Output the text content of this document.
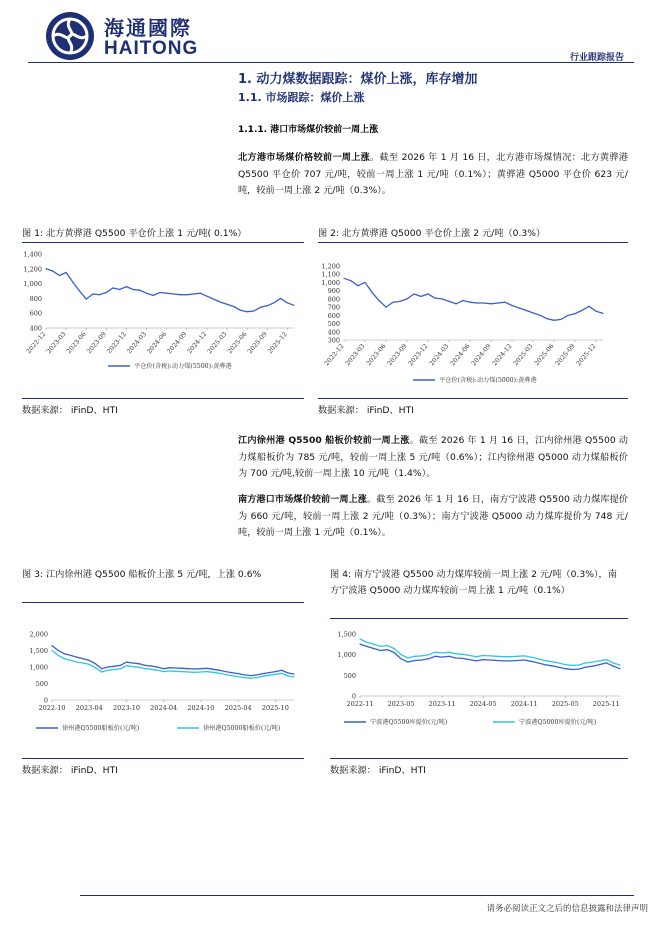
海通國際
HAITONG	行业跟踪报告
1. 动力煤数据跟踪：煤价上涨，库存增加
1.1. 市场跟踪：煤价上涨
1.1.1. 港口市场煤价较前一周上涨
北方港市场煤价格较前一周上涨。截至 2026 年 1 月 16 日，北方港市场煤情况：北方黄骅港 Q5500 平仓价 707 元/吨，较前一周上涨 1 元/吨（0.1%）；黄骅港 Q5000 平仓价 623 元/吨，较前一周上涨 2 元/吨（0.3%）。
图 1: 北方黄骅港 Q5500 平仓价上涨 1 元/吨( 0.1%）
400
600
800
1,000
1,200
1,400
2022-12
2023-03
2023-06
2023-09
2023-12
2024-03
2024-06
2024-09
2024-12
2025-03
2025-06
2025-09
2025-12
平仓价(含税):动力煤(5500):黄骅港
数据来源： iFinD、HTI
图 2: 北方黄骅港 Q5000 平仓价上涨 2 元/吨（0.3%）
300
400
500
600
700
800
900
1,000
1,100
1,200
2022-12
2023-03
2023-06
2023-09
2023-12
2024-03
2024-06
2024-09
2024-12
2025-03
2025-06
2025-09
2025-12
平仓价(含税):动力煤(5000):黄骅港
数据来源： iFinD、HTI
江内徐州港 Q5500 船板价较前一周上涨。截至 2026 年 1 月 16 日，江内徐州港 Q5500 动力煤船板价为 785 元/吨，较前一周上涨 5 元/吨（0.6%）；江内徐州港 Q5000 动力煤船板价为 700 元/吨,较前一周上涨 10 元/吨（1.4%）。
南方港口市场煤价较前一周上涨。截至 2026 年 1 月 16 日，南方宁波港 Q5500 动力煤库提价为 660 元/吨，较前一周上涨 2 元/吨（0.3%）；南方宁波港 Q5000 动力煤库提价为 748 元/吨，较前一周上涨 1 元/吨（0.1%）。
图 3: 江内徐州港 Q5500 船板价上涨 5 元/吨，上涨 0.6%
0
500
1,000
1,500
2,000
2022-10 2023-04 2023-10 2024-04 2024-10 2025-04 2025-10
徐州港Q5500船板价(元/吨)	徐州港Q5000船板价(元/吨)
数据来源： iFinD、HTI
图 4: 南方宁波港 Q5500 动力煤库较前一周上涨 2 元/吨（0.3%），南方宁波港 Q5000 动力煤库较前一周上涨 1 元/吨（0.1%）
0
500
1,000
1,500
2022-11 2023-05 2023-11 2024-05 2024-11 2025-05 2025-11
宁波港Q5500库提价(元/吨)	宁波港Q5000库提价(元/吨)
数据来源： iFinD、HTI
请务必阅读正文之后的信息披露和法律声明
